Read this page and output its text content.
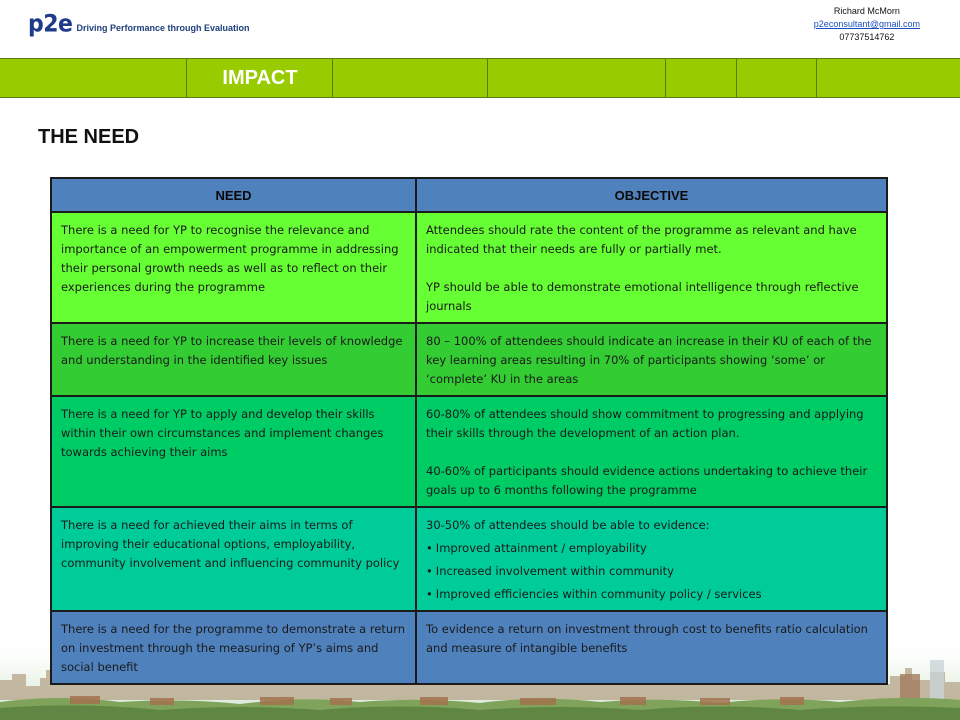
p2e Driving Performance through Evaluation
Richard McMorn
p2econsultant@gmail.com
07737514762
IMPACT
THE NEED
NEED	OBJECTIVE

There is a need for YP to recognise the relevance and importance of an empowerment programme in addressing their personal growth needs as well as to reflect on their experiences during the programme	Attendees should rate the content of the programme as relevant and have indicated that their needs are fully or partially met.

YP should be able to demonstrate emotional intelligence through reflective journals

There is a need for YP to increase their levels of knowledge and understanding in the identified key issues	80 – 100% of attendees should indicate an increase in their KU of each of the key learning areas resulting in 70% of participants showing ‘some’ or ‘complete’ KU in the areas

There is a need for YP to apply and develop their skills within their own circumstances and implement changes towards achieving their aims	60-80% of attendees should show commitment to progressing and applying their skills through the development of an action plan.

40-60% of participants should evidence actions undertaking to achieve their goals up to 6 months following the programme

There is a need for achieved their aims in terms of improving their educational options, employability, community involvement and influencing community policy	30-50% of attendees should be able to evidence:

• Improved attainment / employability

• Increased involvement within community

• Improved efficiencies within community policy / services

There is a need for the programme to demonstrate a return on investment through the measuring of YP’s aims and social benefit	To evidence a return on investment through cost to benefits ratio calculation and measure of intangible benefits
